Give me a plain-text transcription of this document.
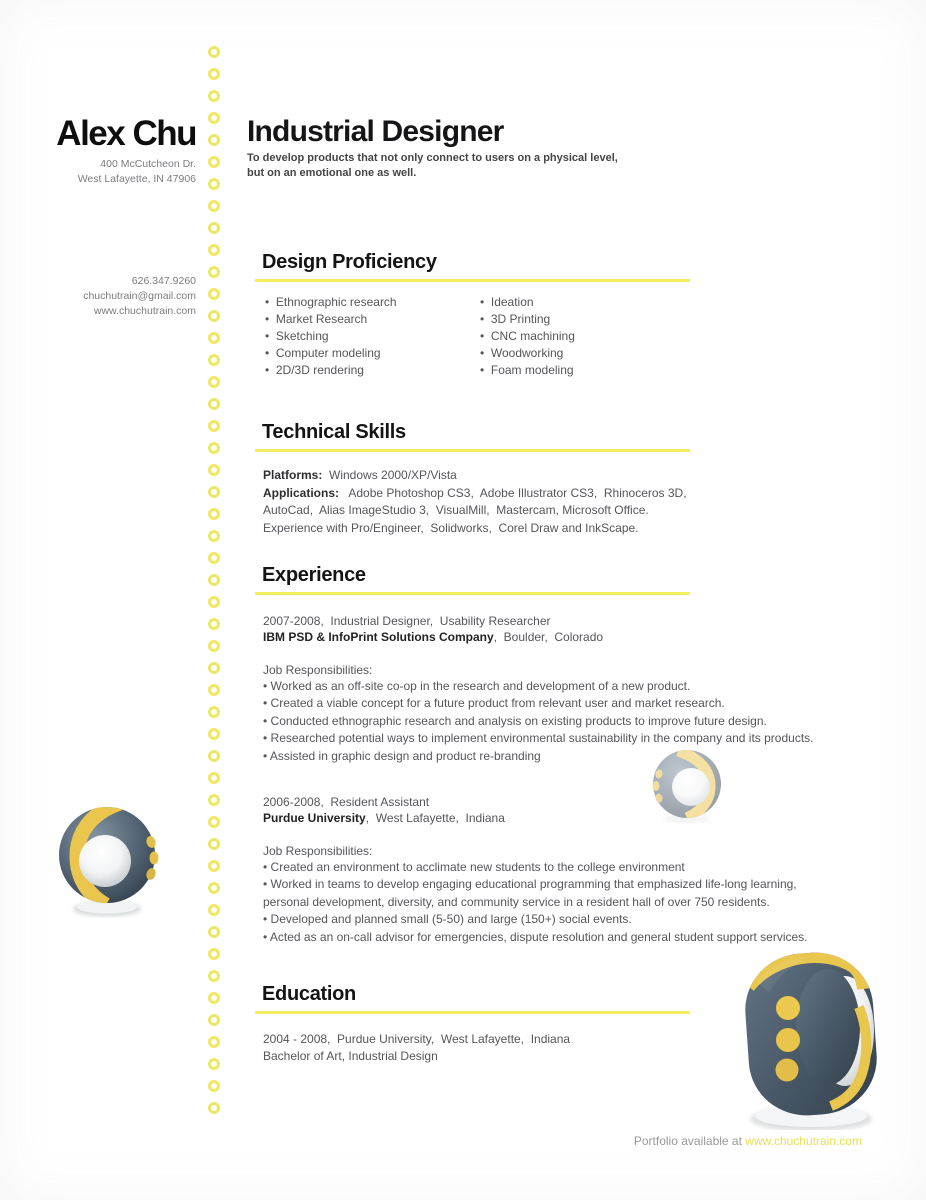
Alex Chu
400 McCutcheon Dr.
West Lafayette, IN 47906
626.347.9260
chuchutrain@gmail.com
www.chuchutrain.com
Industrial Designer
To develop products that not only connect to users on a physical level,
but on an emotional one as well.
Design Proficiency
•  Ethnographic research
•  Market Research
•  Sketching
•  Computer modeling
•  2D/3D rendering
•  Ideation
•  3D Printing
•  CNC machining
•  Woodworking
•  Foam modeling
Technical Skills
Platforms:  Windows 2000/XP/Vista
Applications:   Adobe Photoshop CS3,  Adobe Illustrator CS3,  Rhinoceros 3D,
AutoCad,  Alias ImageStudio 3,  VisualMill,  Mastercam, Microsoft Office.
Experience with Pro/Engineer,  Solidworks,  Corel Draw and InkScape.
Experience
2007-2008,  Industrial Designer,  Usability Researcher
IBM PSD & InfoPrint Solutions Company,  Boulder,  Colorado
Job Responsibilities:
• Worked as an off-site co-op in the research and development of a new product.
• Created a viable concept for a future product from relevant user and market research.
• Conducted ethnographic research and analysis on existing products to improve future design.
• Researched potential ways to implement environmental sustainability in the company and its products.
• Assisted in graphic design and product re-branding
2006-2008,  Resident Assistant
Purdue University,  West Lafayette,  Indiana
Job Responsibilities:
• Created an environment to acclimate new students to the college environment
• Worked in teams to develop engaging educational programming that emphasized life-long learning,
personal development, diversity, and community service in a resident hall of over 750 residents.
• Developed and planned small (5-50) and large (150+) social events.
• Acted as an on-call advisor for emergencies, dispute resolution and general student support services.
Education
2004 - 2008,  Purdue University,  West Lafayette,  Indiana
Bachelor of Art, Industrial Design
Portfolio available at www.chuchutrain.com
